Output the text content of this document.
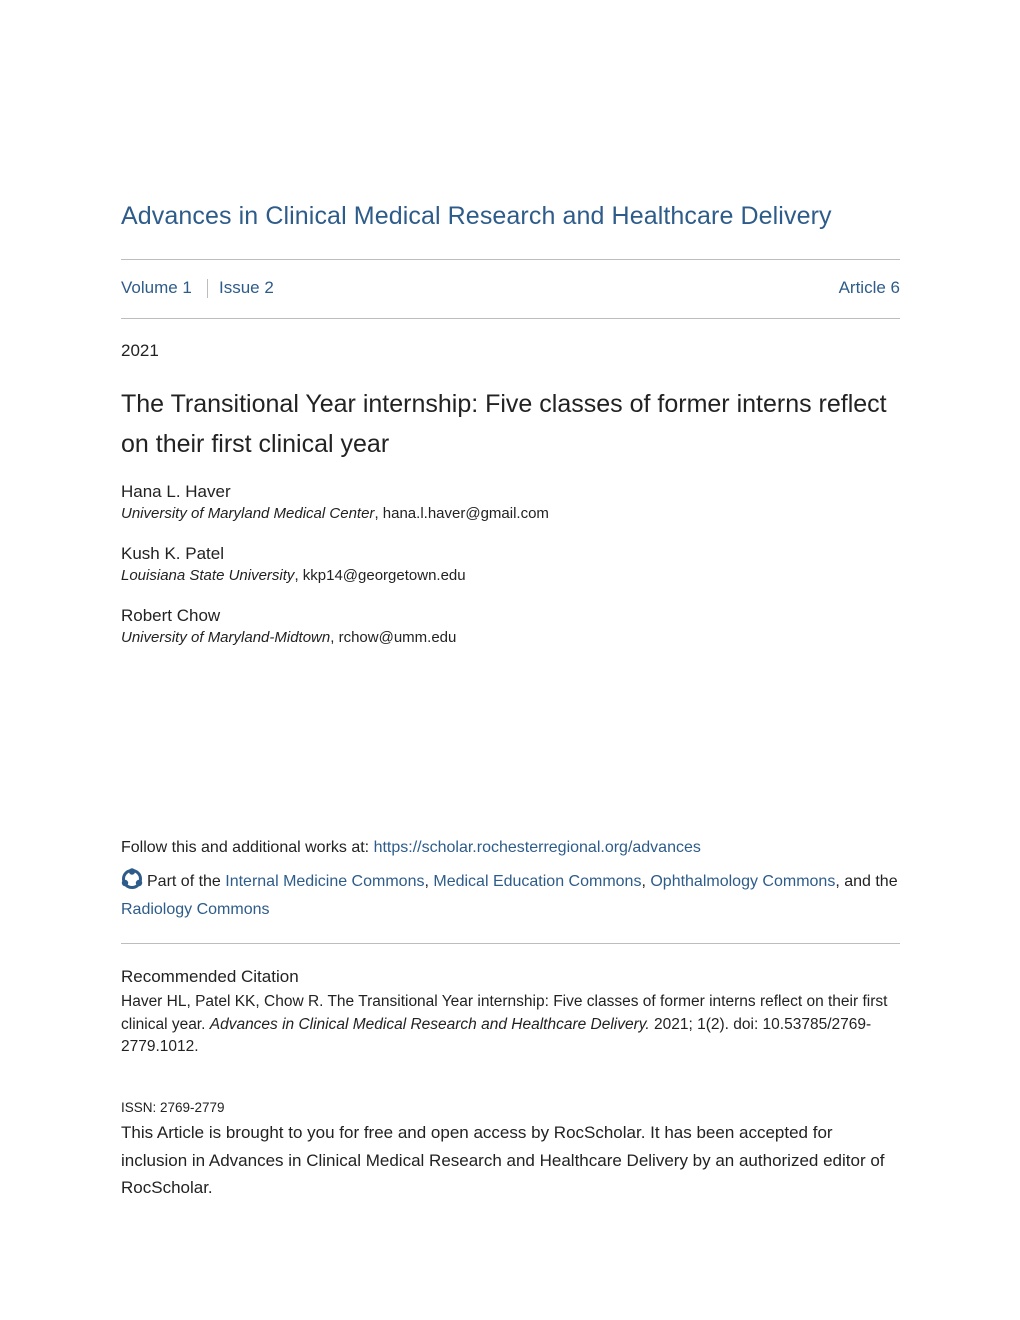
Advances in Clinical Medical Research and Healthcare Delivery
Volume 1 Issue 2	Article 6
2021
The Transitional Year internship: Five classes of former interns reflect on their first clinical year
Hana L. Haver
University of Maryland Medical Center, hana.l.haver@gmail.com
Kush K. Patel
Louisiana State University, kkp14@georgetown.edu
Robert Chow
University of Maryland-Midtown, rchow@umm.edu
Follow this and additional works at: https://scholar.rochesterregional.org/advances
Part of the Internal Medicine Commons, Medical Education Commons, Ophthalmology Commons, and the Radiology Commons
Recommended Citation
Haver HL, Patel KK, Chow R. The Transitional Year internship: Five classes of former interns reflect on their first clinical year. Advances in Clinical Medical Research and Healthcare Delivery. 2021; 1(2). doi: 10.53785/2769-2779.1012.
ISSN: 2769-2779
This Article is brought to you for free and open access by RocScholar. It has been accepted for inclusion in Advances in Clinical Medical Research and Healthcare Delivery by an authorized editor of RocScholar.
